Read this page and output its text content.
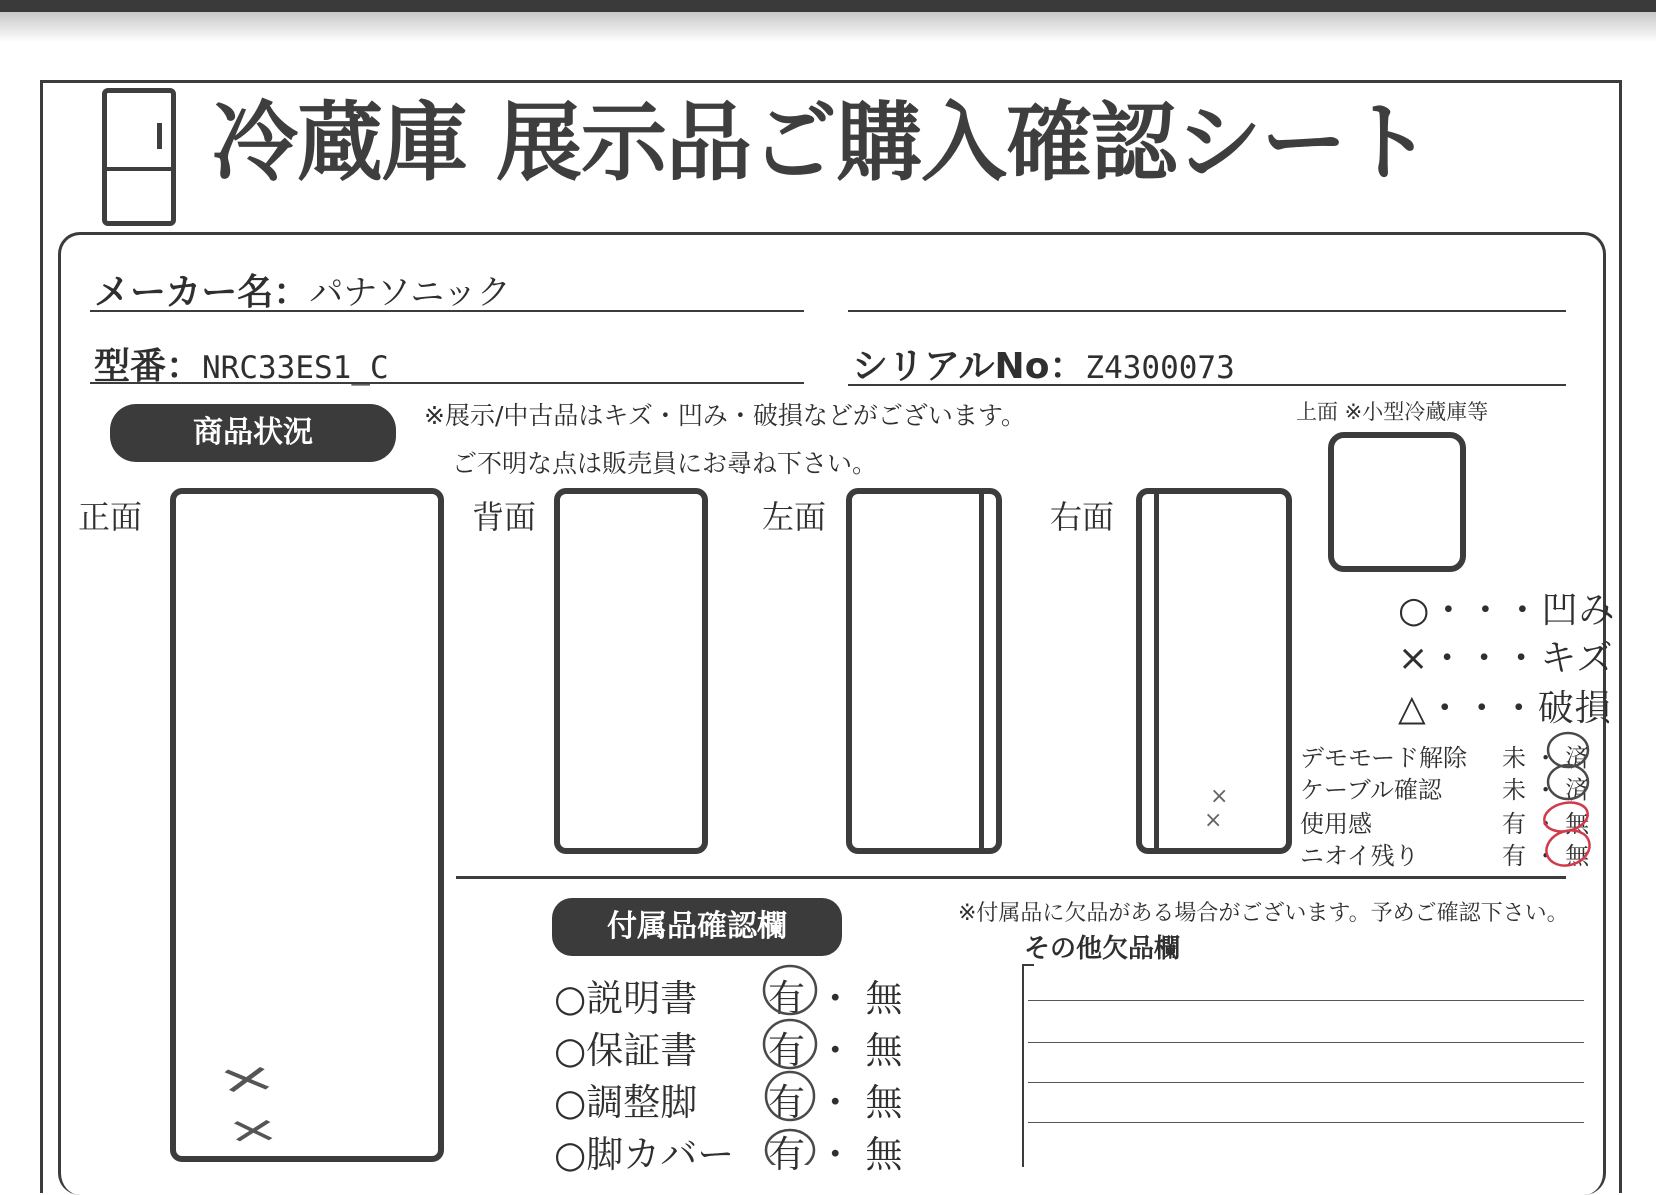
冷蔵庫 展示品ご購入確認シート
メーカー名：パナソニック
型番：NRC33ES1_C	シリアルNo：Z4300073
商品状況	※展示/中古品はキズ・凹み・破損などがございます。
ご不明な点は販売員にお尋ね下さい。
上面 ※小型冷蔵庫等
正面	背面	左面	右面
×
×
×
×
○・・・凹み
×・・・キズ
△・・・破損
デモモード解除 未 ・ 済
ケーブル確認	未 ・ 済
使用感	有 ・ 無
ニオイ残り	有 ・ 無
付属品確認欄	※付属品に欠品がある場合がございます。予めご確認下さい。
その他欠品欄
○説明書 有 ・ 無
○保証書 有 ・ 無
○調整脚 有 ・ 無
○脚カバー 有 ・ 無
